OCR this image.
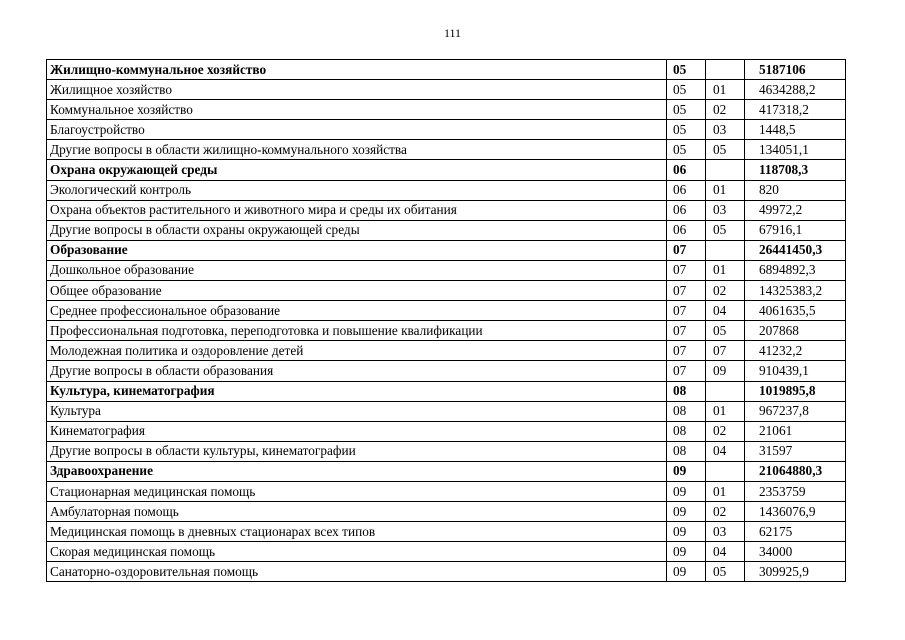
111
Жилищно-коммунальное хозяйство	05		5187106
Жилищное хозяйство	05	01	4634288,2
Коммунальное хозяйство	05	02	417318,2
Благоустройство	05	03	1448,5
Другие вопросы в области жилищно-коммунального хозяйства	05	05	134051,1
Охрана окружающей среды	06		118708,3
Экологический контроль	06	01	820
Охрана объектов растительного и животного мира и среды их обитания	06	03	49972,2
Другие вопросы в области охраны окружающей среды	06	05	67916,1
Образование	07		26441450,3
Дошкольное образование	07	01	6894892,3
Общее образование	07	02	14325383,2
Среднее профессиональное образование	07	04	4061635,5
Профессиональная подготовка, переподготовка и повышение квалификации	07	05	207868
Молодежная политика и оздоровление детей	07	07	41232,2
Другие вопросы в области образования	07	09	910439,1
Культура, кинематография	08		1019895,8
Культура	08	01	967237,8
Кинематография	08	02	21061
Другие вопросы в области культуры, кинематографии	08	04	31597
Здравоохранение	09		21064880,3
Стационарная медицинская помощь	09	01	2353759
Амбулаторная помощь	09	02	1436076,9
Медицинская помощь в дневных стационарах всех типов	09	03	62175
Скорая медицинская помощь	09	04	34000
Санаторно-оздоровительная помощь	09	05	309925,9
